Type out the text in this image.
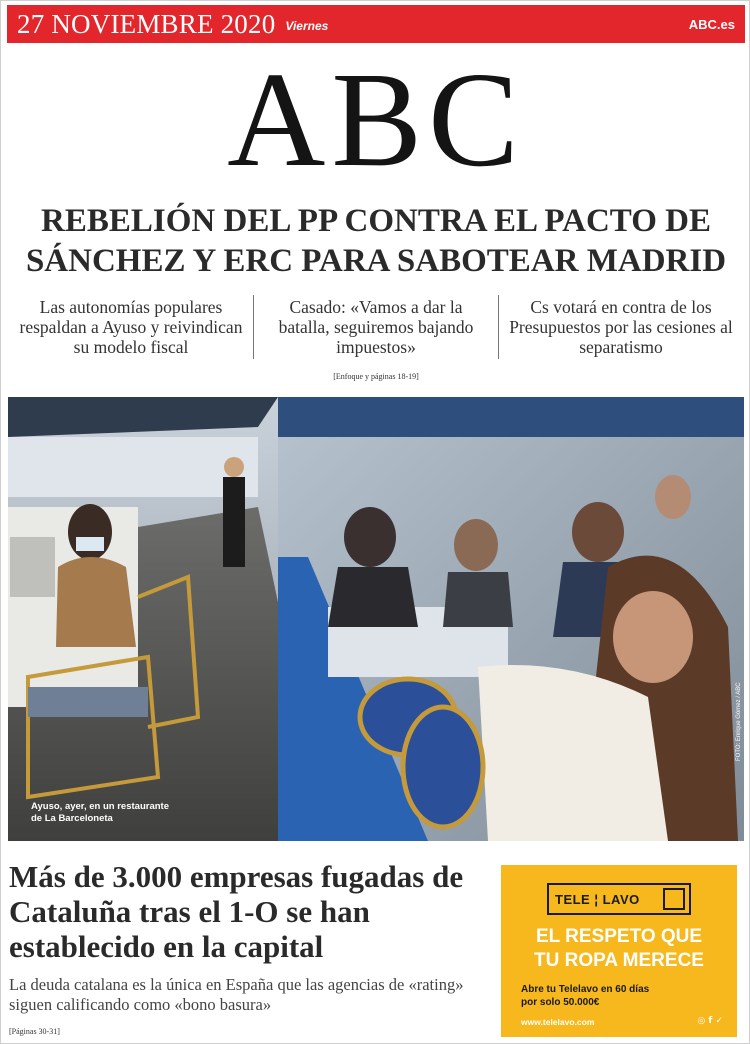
27 NOVIEMBRE 2020 Viernes	ABC.es
ABC
REBELIÓN DEL PP CONTRA EL PACTO DE
SÁNCHEZ Y ERC PARA SABOTEAR MADRID
Las autonomías populares respaldan a Ayuso y reivindican su modelo fiscal
Casado: «Vamos a dar la batalla, seguiremos bajando impuestos»
Cs votará en contra de los Presupuestos por las cesiones al separatismo
[Enfoque y páginas 18-19]
Ayuso, ayer, en un restaurante
de La Barceloneta
FOTO: Enrique Gómez / ABC
Más de 3.000 empresas fugadas de Cataluña tras el 1-O se han establecido en la capital
La deuda catalana es la única en España que las agencias de «rating» siguen calificando como «bono basura»
[Páginas 30-31]
TELE ¦ LAVO
EL RESPETO QUE
TU ROPA MERECE
Abre tu Telelavo en 60 días
por solo 50.000€
www.telelavo.com	◎ f ✓
